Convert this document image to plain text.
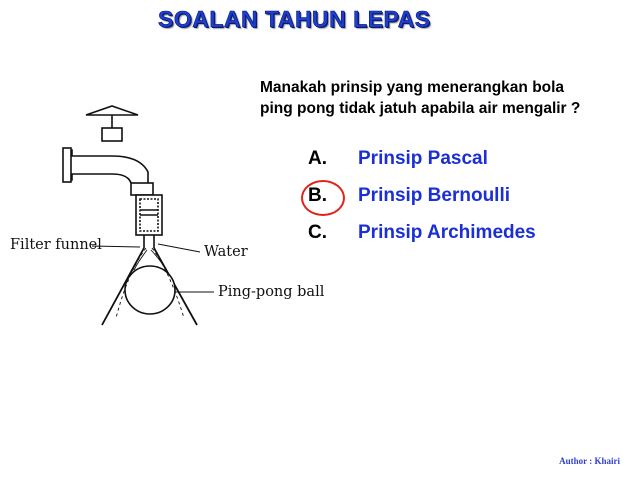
SOALAN TAHUN LEPAS
Manakah prinsip yang menerangkan bola ping pong tidak jatuh apabila air mengalir ?
A.	Prinsip Pascal
B.	Prinsip Bernoulli
C.	Prinsip Archimedes
Filter funnel	Water
Ping-pong ball
Author : Khairi
